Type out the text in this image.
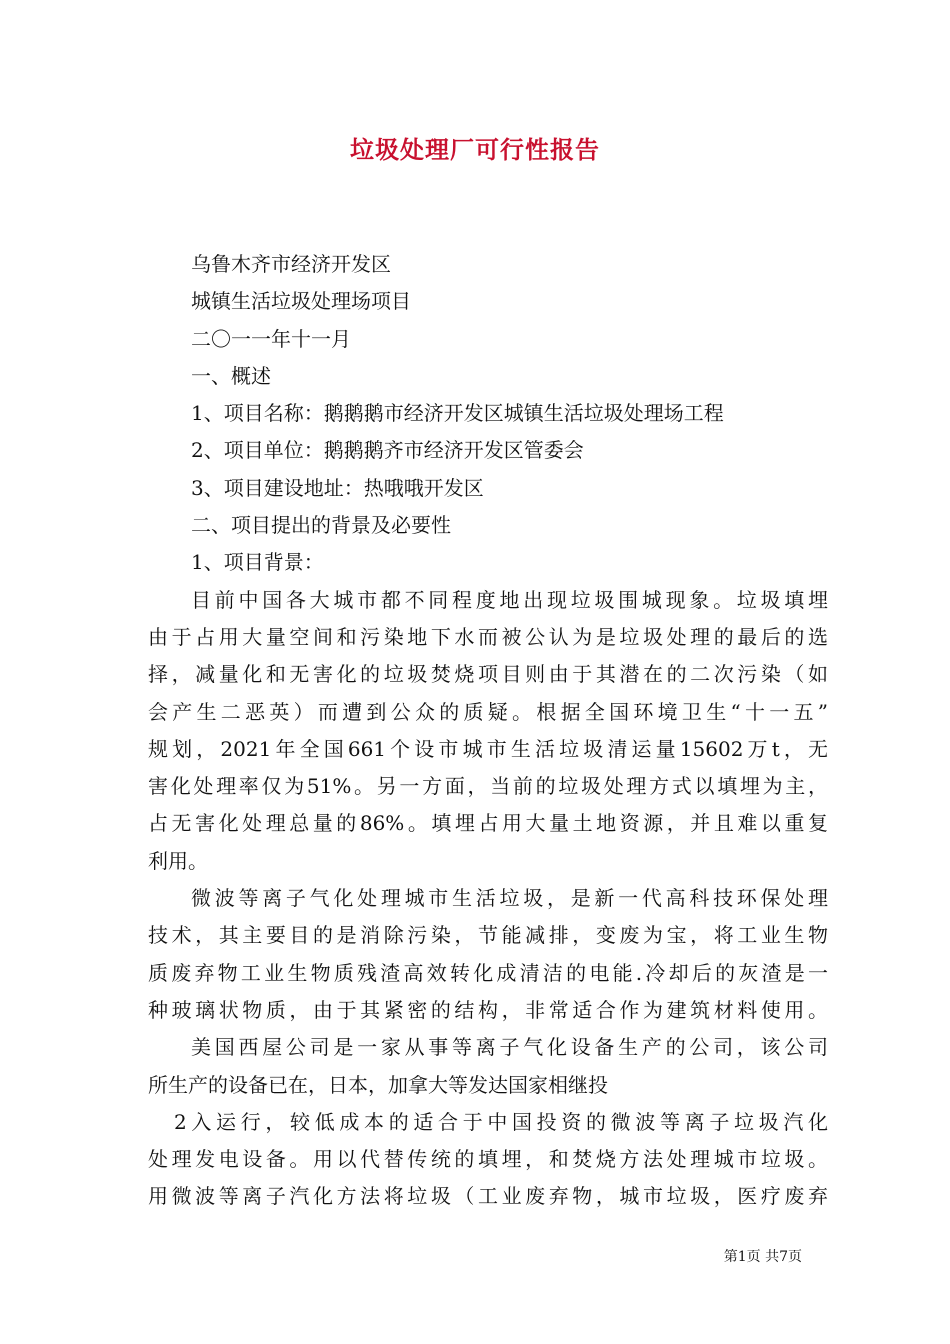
垃圾处理厂可行性报告
乌鲁木齐市经济开发区
城镇生活垃圾处理场项目
二〇一一年十一月
一、概述
1、项目名称：鹅鹅鹅市经济开发区城镇生活垃圾处理场工程
2、项目单位：鹅鹅鹅齐市经济开发区管委会
3、项目建设地址：热哦哦开发区
二、项目提出的背景及必要性
1、项目背景：
目前中国各大城市都不同程度地出现垃圾围城现象。垃圾填埋
由于占用大量空间和污染地下水而被公认为是垃圾处理的最后的选
择，减量化和无害化的垃圾焚烧项目则由于其潜在的二次污染（如
会产生二恶英）而遭到公众的质疑。根据全国环境卫生“十一五”
规划，2021年全国661个设市城市生活垃圾清运量15602万t，无
害化处理率仅为51%。另一方面，当前的垃圾处理方式以填埋为主，
占无害化处理总量的86%。填埋占用大量土地资源，并且难以重复
利用。
微波等离子气化处理城市生活垃圾，是新一代高科技环保处理
技术，其主要目的是消除污染，节能减排，变废为宝，将工业生物
质废弃物工业生物质残渣高效转化成清洁的电能.冷却后的灰渣是一
种玻璃状物质，由于其紧密的结构，非常适合作为建筑材料使用。
美国西屋公司是一家从事等离子气化设备生产的公司，该公司
所生产的设备已在，日本，加拿大等发达国家相继投
2入运行，较低成本的适合于中国投资的微波等离子垃圾汽化
处理发电设备。用以代替传统的填埋，和焚烧方法处理城市垃圾。
用微波等离子汽化方法将垃圾（工业废弃物，城市垃圾，医疗废弃
第1页 共7页
